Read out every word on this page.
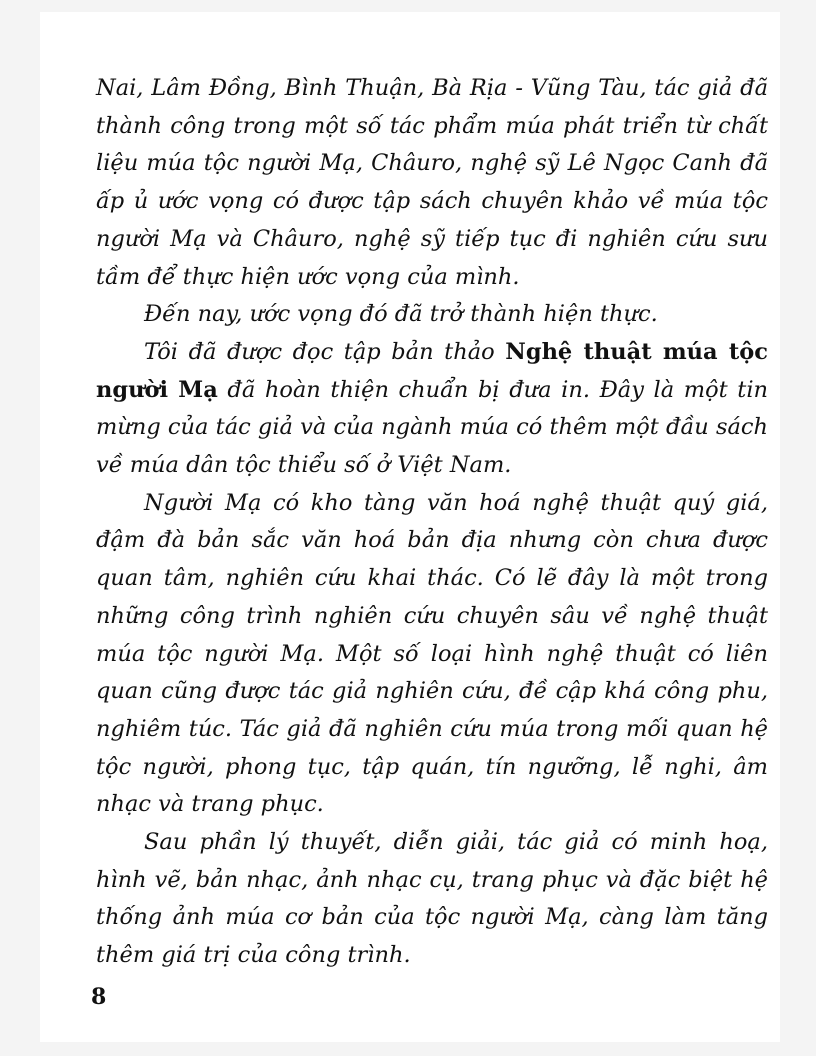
Nai, Lâm Đồng, Bình Thuận, Bà Rịa - Vũng Tàu, tác giả đã thành công trong một số tác phẩm múa phát triển từ chất liệu múa tộc người Mạ, Châuro, nghệ sỹ Lê Ngọc Canh đã ấp ủ ước vọng có được tập sách chuyên khảo về múa tộc người Mạ và Châuro, nghệ sỹ tiếp tục đi nghiên cứu sưu tầm để thực hiện ước vọng của mình.

Đến nay, ước vọng đó đã trở thành hiện thực.

Tôi đã được đọc tập bản thảo Nghệ thuật múa tộc người Mạ đã hoàn thiện chuẩn bị đưa in. Đây là một tin mừng của tác giả và của ngành múa có thêm một đầu sách về múa dân tộc thiểu số ở Việt Nam.

Người Mạ có kho tàng văn hoá nghệ thuật quý giá, đậm đà bản sắc văn hoá bản địa nhưng còn chưa được quan tâm, nghiên cứu khai thác. Có lẽ đây là một trong những công trình nghiên cứu chuyên sâu về nghệ thuật múa tộc người Mạ. Một số loại hình nghệ thuật có liên quan cũng được tác giả nghiên cứu, đề cập khá công phu, nghiêm túc. Tác giả đã nghiên cứu múa trong mối quan hệ tộc người, phong tục, tập quán, tín ngưỡng, lễ nghi, âm nhạc và trang phục.

Sau phần lý thuyết, diễn giải, tác giả có minh hoạ, hình vẽ, bản nhạc, ảnh nhạc cụ, trang phục và đặc biệt hệ thống ảnh múa cơ bản của tộc người Mạ, càng làm tăng thêm giá trị của công trình.

8
